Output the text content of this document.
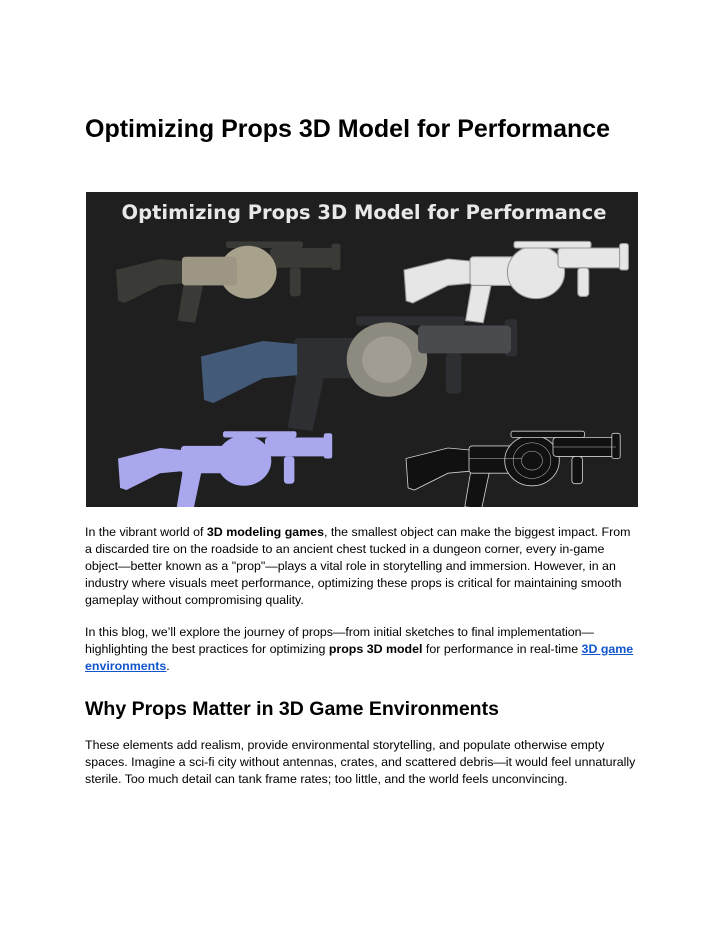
Optimizing Props 3D Model for Performance
Optimizing Props 3D Model for Performance

In the vibrant world of 3D modeling games, the smallest object can make the biggest impact. From a discarded tire on the roadside to an ancient chest tucked in a dungeon corner, every in-game object—better known as a "prop"—plays a vital role in storytelling and immersion. However, in an industry where visuals meet performance, optimizing these props is critical for maintaining smooth gameplay without compromising quality.

In this blog, we’ll explore the journey of props—from initial sketches to final implementation—highlighting the best practices for optimizing props 3D model for performance in real-time 3D game environments.

Why Props Matter in 3D Game Environments

These elements add realism, provide environmental storytelling, and populate otherwise empty spaces. Imagine a sci-fi city without antennas, crates, and scattered debris—it would feel unnaturally sterile. Too much detail can tank frame rates; too little, and the world feels unconvincing.
